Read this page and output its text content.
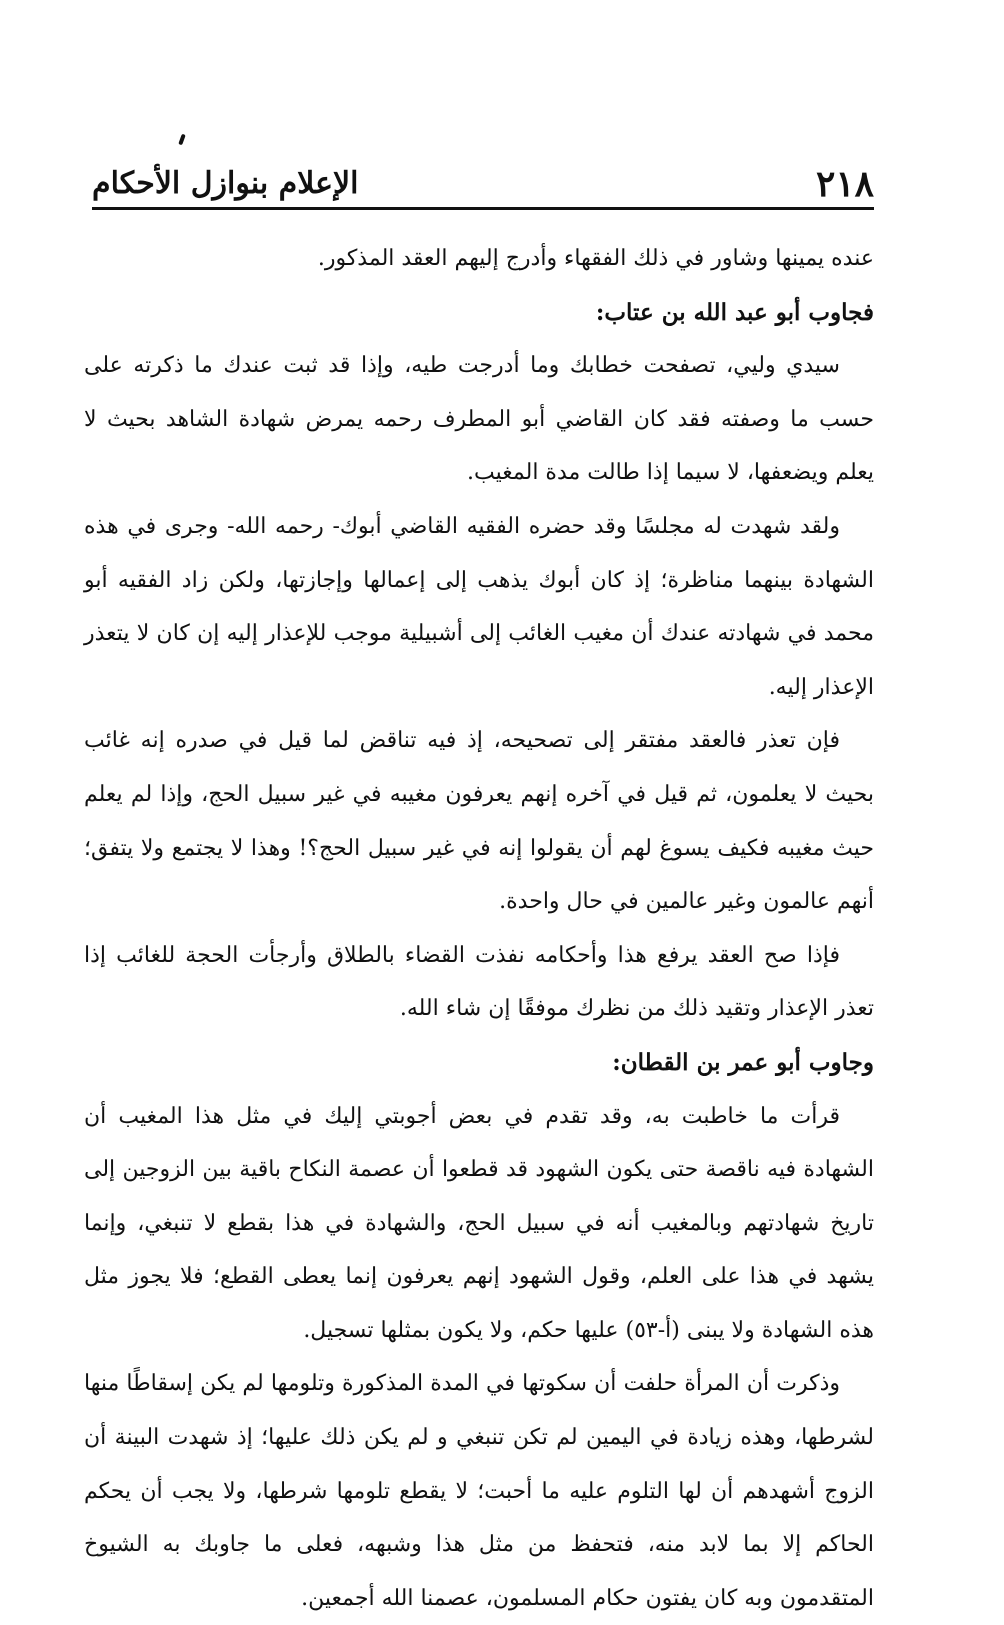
٢١٨
الإعلام بنوازل الأحكام

عنده يمينها وشاور في ذلك الفقهاء وأدرج إليهم العقد المذكور.

فجاوب أبو عبد الله بن عتاب:

سيدي وليي، تصفحت خطابك وما أدرجت طيه، وإذا قد ثبت عندك ما ذكرته على حسب ما وصفته فقد كان القاضي أبو المطرف رحمه يمرض شهادة الشاهد بحيث لا يعلم ويضعفها، لا سيما إذا طالت مدة المغيب.

ولقد شهدت له مجلسًا وقد حضره الفقيه القاضي أبوك- رحمه الله- وجرى في هذه الشهادة بينهما مناظرة؛ إذ كان أبوك يذهب إلى إعمالها وإجازتها، ولكن زاد الفقيه أبو محمد في شهادته عندك أن مغيب الغائب إلى أشبيلية موجب للإعذار إليه إن كان لا يتعذر الإعذار إليه.

فإن تعذر فالعقد مفتقر إلى تصحيحه، إذ فيه تناقض لما قيل في صدره إنه غائب بحيث لا يعلمون، ثم قيل في آخره إنهم يعرفون مغيبه في غير سبيل الحج، وإذا لم يعلم حيث مغيبه فكيف يسوغ لهم أن يقولوا إنه في غير سبيل الحج؟! وهذا لا يجتمع ولا يتفق؛ أنهم عالمون وغير عالمين في حال واحدة.

فإذا صح العقد يرفع هذا وأحكامه نفذت القضاء بالطلاق وأرجأت الحجة للغائب إذا تعذر الإعذار وتقيد ذلك من نظرك موفقًا إن شاء الله.

وجاوب أبو عمر بن القطان:

قرأت ما خاطبت به، وقد تقدم في بعض أجوبتي إليك في مثل هذا المغيب أن الشهادة فيه ناقصة حتى يكون الشهود قد قطعوا أن عصمة النكاح باقية بين الزوجين إلى تاريخ شهادتهم وبالمغيب أنه في سبيل الحج، والشهادة في هذا بقطع لا تنبغي، وإنما يشهد في هذا على العلم، وقول الشهود إنهم يعرفون إنما يعطى القطع؛ فلا يجوز مثل هذه الشهادة ولا يبنى (أ-٥٣) عليها حكم، ولا يكون بمثلها تسجيل.

وذكرت أن المرأة حلفت أن سكوتها في المدة المذكورة وتلومها لم يكن إسقاطًا منها لشرطها، وهذه زيادة في اليمين لم تكن تنبغي و لم يكن ذلك عليها؛ إذ شهدت البينة أن الزوج أشهدهم أن لها التلوم عليه ما أحبت؛ لا يقطع تلومها شرطها، ولا يجب أن يحكم الحاكم إلا بما لابد منه، فتحفظ من مثل هذا وشبهه، فعلى ما جاوبك به الشيوخ المتقدمون وبه كان يفتون حكام المسلمون، عصمنا الله أجمعين.
